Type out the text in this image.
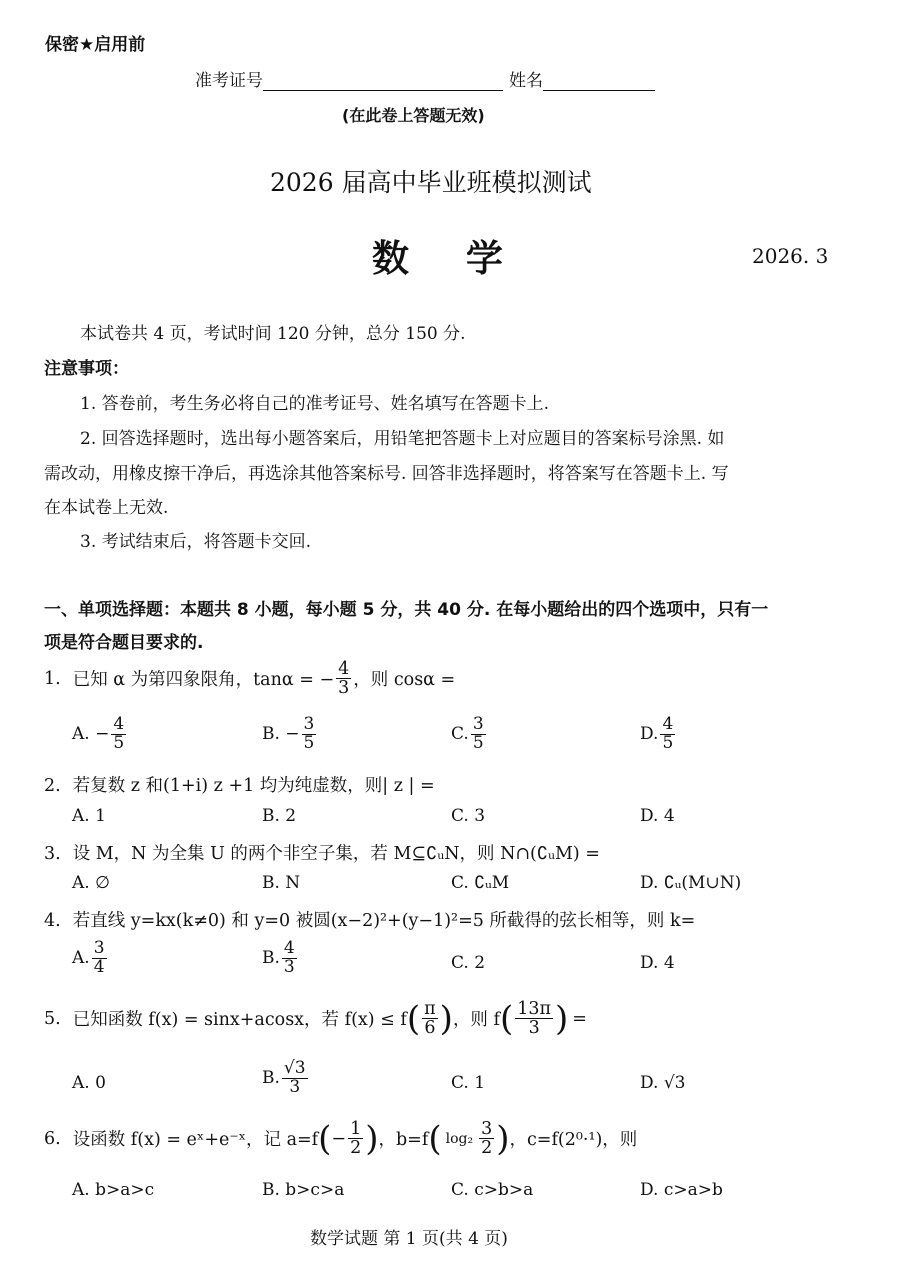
保密★启用前
准考证号	姓名
(在此卷上答题无效)
2026 届高中毕业班模拟测试
数 学	2026. 3
本试卷共 4 页，考试时间 120 分钟，总分 150 分.
注意事项：
1. 答卷前，考生务必将自己的准考证号、姓名填写在答题卡上.
2. 回答选择题时，选出每小题答案后，用铅笔把答题卡上对应题目的答案标号涂黑. 如
需改动，用橡皮擦干净后，再选涂其他答案标号. 回答非选择题时，将答案写在答题卡上. 写
在本试卷上无效.
3. 考试结束后，将答题卡交回.
一、单项选择题：本题共 8 小题，每小题 5 分，共 40 分. 在每小题给出的四个选项中，只有一
项是符合题目要求的.
1. 已知 α 为第四象限角，tanα = − $\frac{4}{3}$ ，则 cosα =
A. − $\frac{4}{5}$	B. − $\frac{3}{5}$	C. $\frac{3}{5}$	D. $\frac{4}{5}$
2. 若复数 z 和(1+i) z +1 均为纯虚数，则| z | =
A. 1	B. 2	C. 3	D. 4
3. 设 M，N 为全集 U 的两个非空子集，若 M⊆∁ᵤN，则 N∩(∁ᵤM) =
A. ∅	B. N	C. ∁ᵤM	D. ∁ᵤ(M∪N)
4. 若直线 y=kx(k≠0) 和 y=0 被圆(x−2)²+(y−1)²=5 所截得的弦长相等，则 k=
A. $\frac{3}{4}$	B. $\frac{4}{3}$	C. 2	D. 4
5. 已知函数 f(x) = sinx+acosx，若 f(x) ≤ f ( $\frac{\pi}{6}$ ) ，则 f ( $\frac{13\pi}{3}$ ) =
A. 0	B. $\frac{√3}{3}$	C. 1	D. √3
6. 设函数 f(x) = eˣ+e⁻ˣ，记 a=f ( − $\frac{1}{2}$ ) ，b=f ( $\log_2 \frac{3}{2}$ ) ，c=f(2⁰·¹)，则
A. b>a>c	B. b>c>a	C. c>b>a	D. c>a>b
数学试题 第 1 页(共 4 页)
